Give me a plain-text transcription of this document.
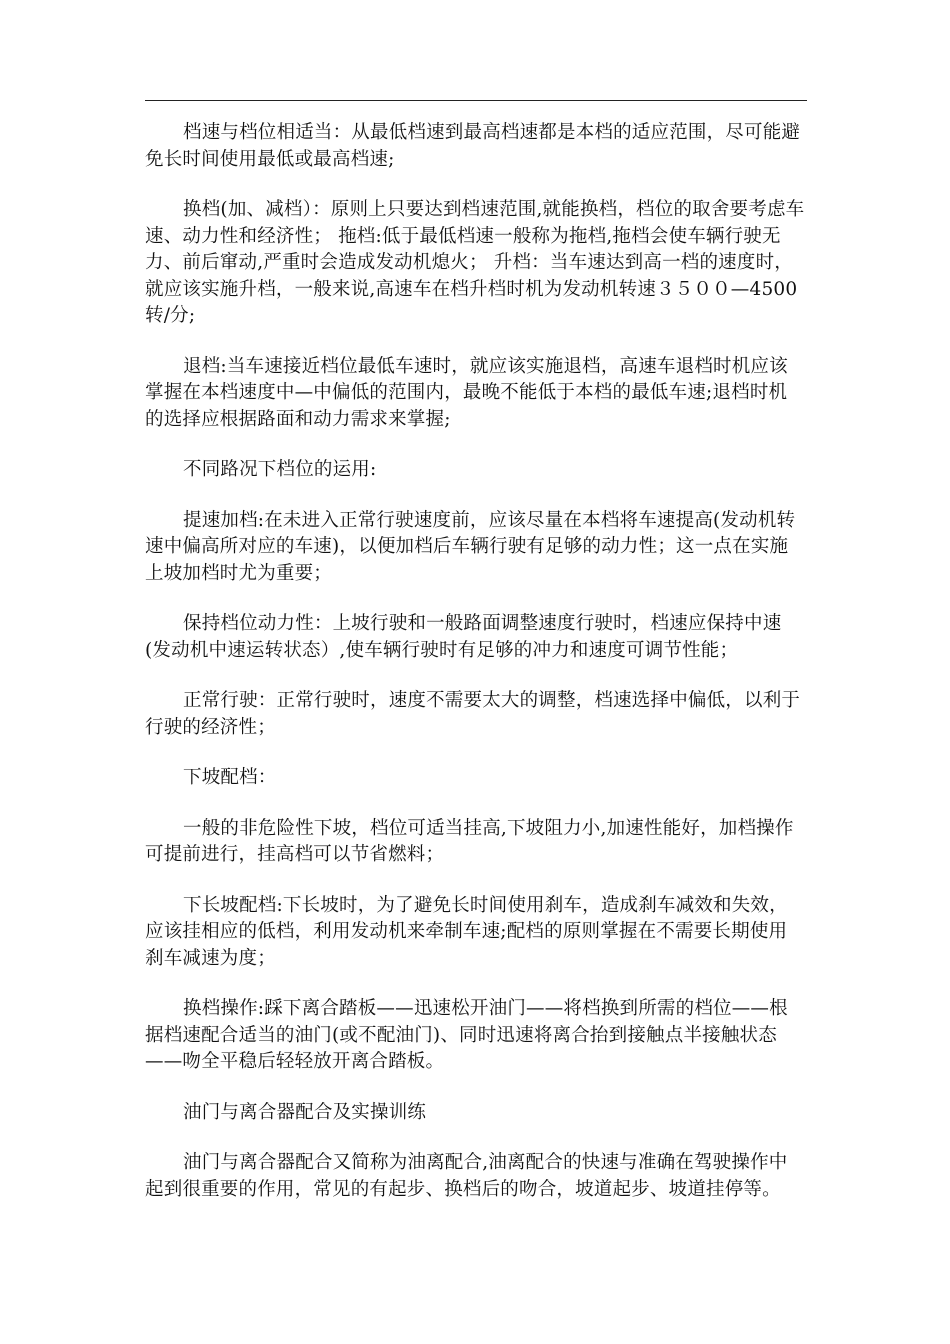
档速与档位相适当：从最低档速到最高档速都是本档的适应范围，尽可能避免长时间使用最低或最高档速;

换档(加、减档）：原则上只要达到档速范围,就能换档，档位的取舍要考虑车速、动力性和经济性； 拖档:低于最低档速一般称为拖档,拖档会使车辆行驶无力、前后窜动,严重时会造成发动机熄火； 升档：当车速达到高一档的速度时，就应该实施升档，一般来说,高速车在档升档时机为发动机转速３５００—4500 转/分;

退档:当车速接近档位最低车速时，就应该实施退档，高速车退档时机应该掌握在本档速度中—中偏低的范围内，最晚不能低于本档的最低车速;退档时机的选择应根据路面和动力需求来掌握;

不同路况下档位的运用:

提速加档:在未进入正常行驶速度前，应该尽量在本档将车速提高(发动机转速中偏高所对应的车速)，以便加档后车辆行驶有足够的动力性；这一点在实施上坡加档时尤为重要；

保持档位动力性：上坡行驶和一般路面调整速度行驶时，档速应保持中速(发动机中速运转状态）,使车辆行驶时有足够的冲力和速度可调节性能；

正常行驶：正常行驶时，速度不需要太大的调整，档速选择中偏低，以利于行驶的经济性；

下坡配档：

一般的非危险性下坡，档位可适当挂高,下坡阻力小,加速性能好，加档操作可提前进行，挂高档可以节省燃料；

下长坡配档:下长坡时，为了避免长时间使用刹车，造成刹车减效和失效，应该挂相应的低档，利用发动机来牵制车速;配档的原则掌握在不需要长期使用刹车减速为度；

换档操作:踩下离合踏板——迅速松开油门——将档换到所需的档位——根据档速配合适当的油门(或不配油门)、同时迅速将离合抬到接触点半接触状态——吻全平稳后轻轻放开离合踏板。

油门与离合器配合及实操训练

油门与离合器配合又简称为油离配合,油离配合的快速与准确在驾驶操作中起到很重要的作用，常见的有起步、换档后的吻合，坡道起步、坡道挂停等。
